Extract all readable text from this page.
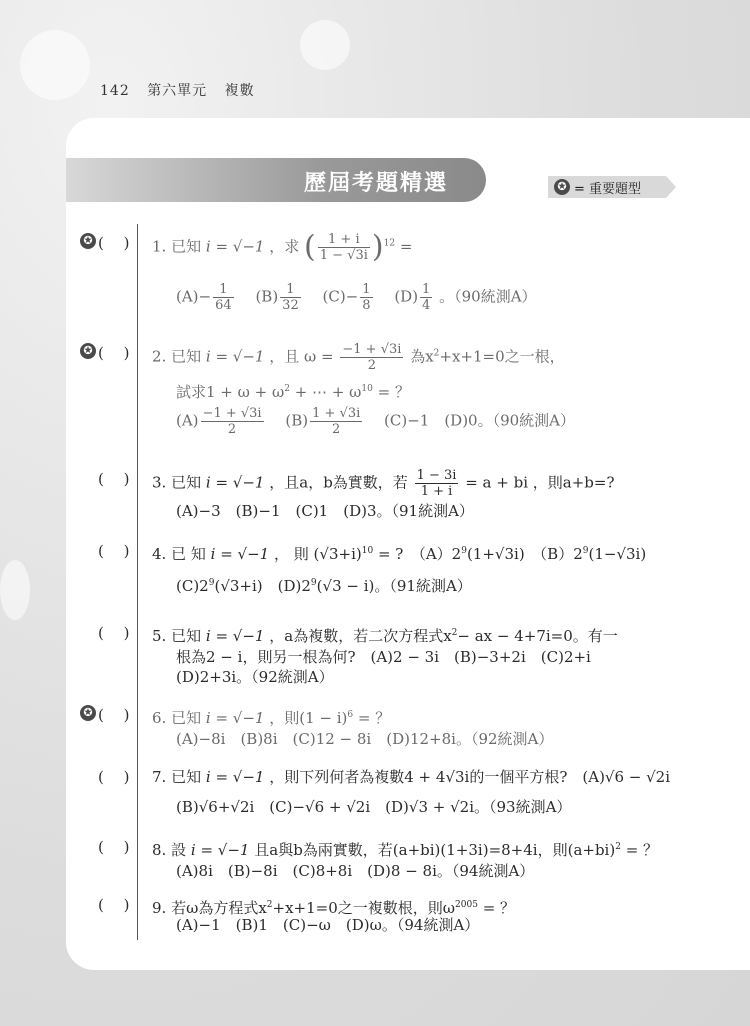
142 第六單元 複數
歷屆考題精選	✪ = 重要題型
✪ (　 ) 1. 已知 i = √−1 ，求 ( $\frac{1 + i}{1 - √3i} )^{12}$ =
$(A)- \frac{1}{64}$
　 $(B) \frac{1}{32}$
　 $(C)- \frac{1}{8}$
　 $(D) \frac{1}{4}$ 。（90統測A）
✪ (　 ) 2. 已知 i = √−1 ，且 $\omega = \frac{-1 + √3i}{2}$ 為$x^2+x+1=0$之一根，
試求$1 + \omega + \omega^2$ + ⋯ + $\omega^{10}$ = ？
$(A) \frac{-1 + √3i}{2}$
　 $(B) \frac{1 + √3i}{2}$
　 (C)−1　(D)0。（90統測A）
(　 ) 3. 已知 i = √−1 ，且a，b為實數，若 $\frac{1 - 3i}{1 + i} = a$ + bi ，則a+b=?
(A)−3　(B)−1　(C)1　(D)3。（91統測A）
(　 ) 4. 已 知 i = √−1 ， 則 $(√3+i)^{10}$ = ?　$(A)2^9(1+√3i)$　$(B)2^9(1-√3i)$
$(C)2^9(√3+i)$　$(D)2^9(√3 - i)$。（91統測A）
(　 ) 5. 已知 i = √−1 ，a為複數，若二次方程式$x^2-$ ax − 4+7i=0。有一
根為2 − i，則另一根為何?　(A)2 − 3i　(B)−3+2i　(C)2+i
(D)2+3i。（92統測A）
✪ (　 ) 6. 已知 i = √−1 ，則$(1 - i)^6$ = ？
(A)−8i　(B)8i　(C)12 − 8i　(D)12+8i。（92統測A）
(　 ) 7. 已知 i = √−1 ，則下列何者為複數4 + 4√3i的一個平方根?　(A)√6 − √2i
(B)√6+√2i　(C)−√6 + √2i　(D)√3 + √2i。（93統測A）
(　 ) 8. 設 i = √−1 且a與b為兩實數，若(a+bi)(1+3i)=8+4i，則$(a+bi)^2$ = ？
(A)8i　(B)−8i　(C)8+8i　(D)8 − 8i。（94統測A）
(　 ) 9. 若ω為方程式$x^2+x+1=0$之一複數根，則$\omega^{2005}$ = ？
(A)−1　(B)1　(C)−ω　(D)ω。（94統測A）
